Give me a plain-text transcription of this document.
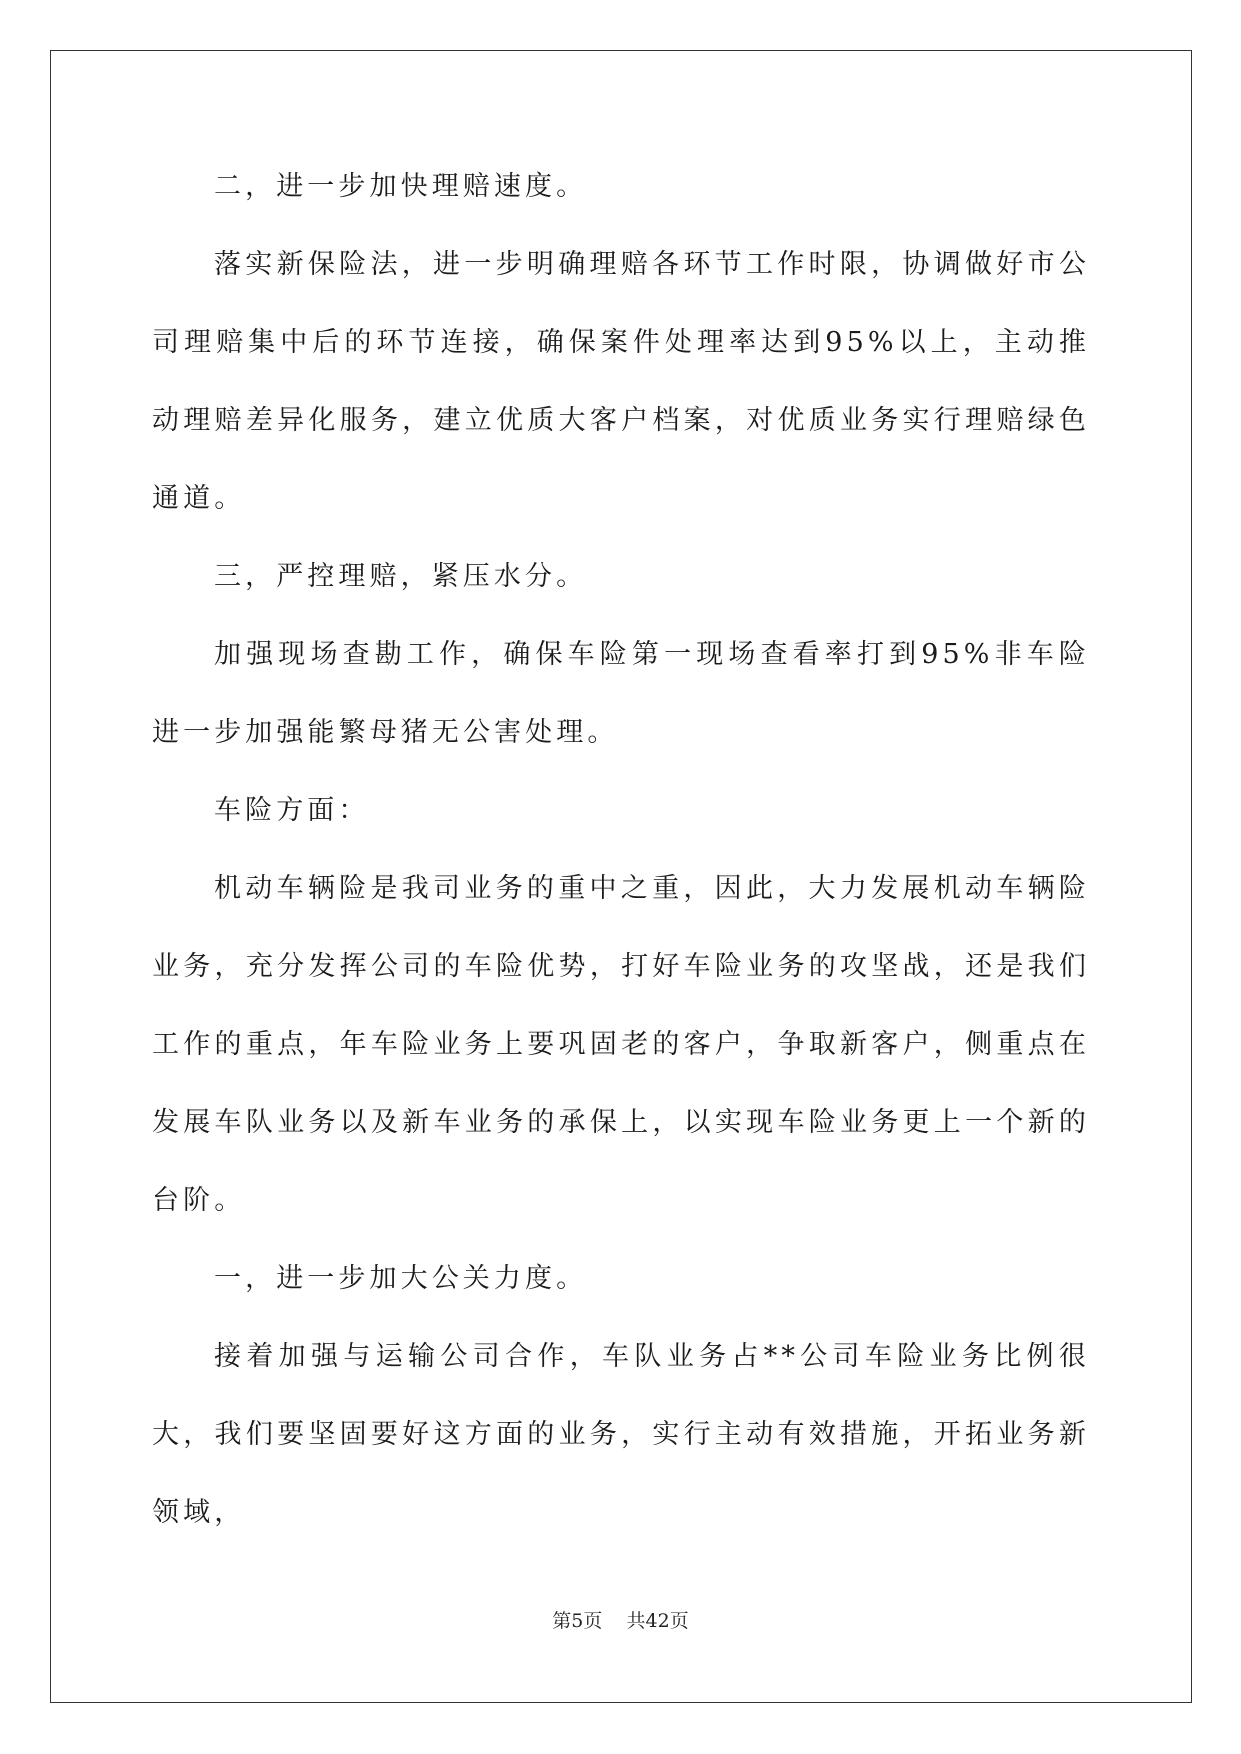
二，进一步加快理赔速度。

落实新保险法，进一步明确理赔各环节工作时限，协调做好市公司理赔集中后的环节连接，确保案件处理率达到95%以上，主动推动理赔差异化服务，建立优质大客户档案，对优质业务实行理赔绿色通道。

三，严控理赔，紧压水分。

加强现场查勘工作，确保车险第一现场查看率打到95%非车险进一步加强能繁母猪无公害处理。

车险方面：

机动车辆险是我司业务的重中之重，因此，大力发展机动车辆险业务，充分发挥公司的车险优势，打好车险业务的攻坚战，还是我们工作的重点，年车险业务上要巩固老的客户，争取新客户，侧重点在发展车队业务以及新车业务的承保上，以实现车险业务更上一个新的台阶。

一，进一步加大公关力度。

接着加强与运输公司合作，车队业务占**公司车险业务比例很大，我们要坚固要好这方面的业务，实行主动有效措施，开拓业务新领域，

第5页 共42页
